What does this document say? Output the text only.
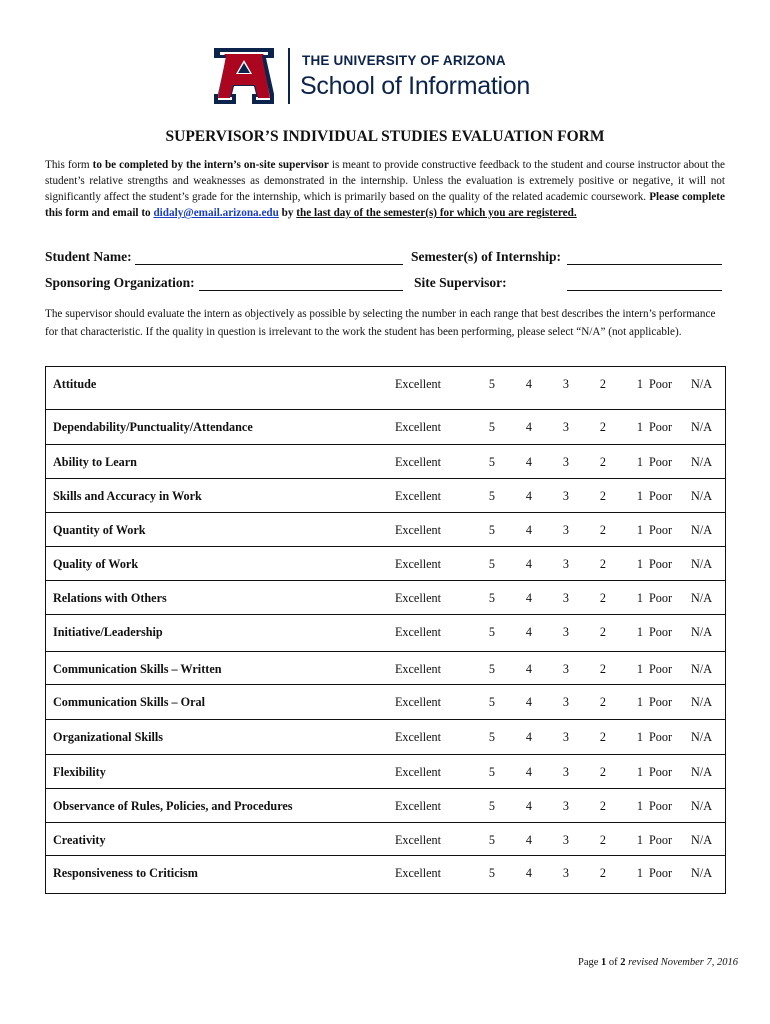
THE UNIVERSITY OF ARIZONA
School of Information
SUPERVISOR’S INDIVIDUAL STUDIES EVALUATION FORM
This form to be completed by the intern’s on-site supervisor is meant to provide constructive feedback to the student and course instructor about the student’s relative strengths and weaknesses as demonstrated in the internship. Unless the evaluation is extremely positive or negative, it will not significantly affect the student’s grade for the internship, which is primarily based on the quality of the related academic coursework. Please complete this form and email to didaly@email.arizona.edu by the last day of the semester(s) for which you are registered.
Student Name:	Semester(s) of Internship:
Sponsoring Organization:	Site Supervisor:
The supervisor should evaluate the intern as objectively as possible by selecting the number in each range that best describes the intern’s performance for that characteristic. If the quality in question is irrelevant to the work the student has been performing, please select “N/A” (not applicable).
Attitude	Excellent	5	4	3	2	1	Poor	N/A
Dependability/Punctuality/Attendance	Excellent	5	4	3	2	1	Poor	N/A
Ability to Learn	Excellent	5	4	3	2	1	Poor	N/A
Skills and Accuracy in Work	Excellent	5	4	3	2	1	Poor	N/A
Quantity of Work	Excellent	5	4	3	2	1	Poor	N/A
Quality of Work	Excellent	5	4	3	2	1	Poor	N/A
Relations with Others	Excellent	5	4	3	2	1	Poor	N/A
Initiative/Leadership	Excellent	5	4	3	2	1	Poor	N/A
Communication Skills – Written	Excellent	5	4	3	2	1	Poor	N/A
Communication Skills – Oral	Excellent	5	4	3	2	1	Poor	N/A
Organizational Skills	Excellent	5	4	3	2	1	Poor	N/A
Flexibility	Excellent	5	4	3	2	1	Poor	N/A
Observance of Rules, Policies, and Procedures	Excellent	5	4	3	2	1	Poor	N/A
Creativity	Excellent	5	4	3	2	1	Poor	N/A
Responsiveness to Criticism	Excellent	5	4	3	2	1	Poor	N/A
Page 1 of 2 revised November 7, 2016
